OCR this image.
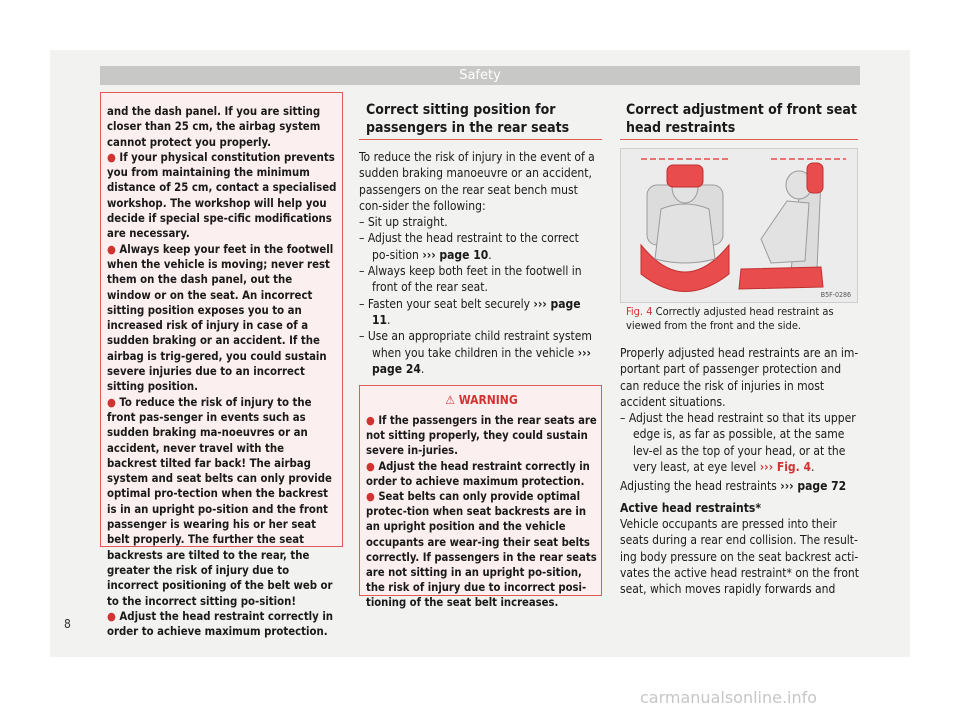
Safety

and the dash panel. If you are sitting closer than 25 cm, the airbag system cannot protect you properly.

● If your physical constitution prevents you from maintaining the minimum distance of 25 cm, contact a specialised workshop. The workshop will help you decide if special spe-cific modifications are necessary.

● Always keep your feet in the footwell when the vehicle is moving; never rest them on the dash panel, out the window or on the seat. An incorrect sitting position exposes you to an increased risk of injury in case of a sudden braking or an accident. If the airbag is trig-gered, you could sustain severe injuries due to an incorrect sitting position.

● To reduce the risk of injury to the front pas-senger in events such as sudden braking ma-noeuvres or an accident, never travel with the backrest tilted far back! The airbag system and seat belts can only provide optimal pro-tection when the backrest is in an upright po-sition and the front passenger is wearing his or her seat belt properly. The further the seat backrests are tilted to the rear, the greater the risk of injury due to incorrect positioning of the belt web or to the incorrect sitting po-sition!

● Adjust the head restraint correctly in order to achieve maximum protection.

Correct sitting position for passengers in the rear seats

To reduce the risk of injury in the event of a sudden braking manoeuvre or an accident, passengers on the rear seat bench must con-sider the following:

– Sit up straight.
– Adjust the head restraint to the correct po-sition ››› page 10.
– Always keep both feet in the footwell in front of the rear seat.
– Fasten your seat belt securely ››› page 11.
– Use an appropriate child restraint system when you take children in the vehicle ››› page 24.
⚠ WARNING

● If the passengers in the rear seats are not sitting properly, they could sustain severe in-juries.

● Adjust the head restraint correctly in order to achieve maximum protection.

● Seat belts can only provide optimal protec-tion when seat backrests are in an upright position and the vehicle occupants are wear-ing their seat belts correctly. If passengers in the rear seats are not sitting in an upright po-sition, the risk of injury due to incorrect posi-tioning of the seat belt increases.

Correct adjustment of front seat head restraints
B5F-0286
Fig. 4 Correctly adjusted head restraint as viewed from the front and the side.

Properly adjusted head restraints are an im-portant part of passenger protection and can reduce the risk of injuries in most accident situations.

– Adjust the head restraint so that its upper edge is, as far as possible, at the same lev-el as the top of your head, or at the very least, at eye level ››› Fig. 4.

Adjusting the head restraints ››› page 72

Active head restraints*

Vehicle occupants are pressed into their seats during a rear end collision. The result-ing body pressure on the seat backrest acti-vates the active head restraint* on the front seat, which moves rapidly forwards and

8
carmanualsonline.info
